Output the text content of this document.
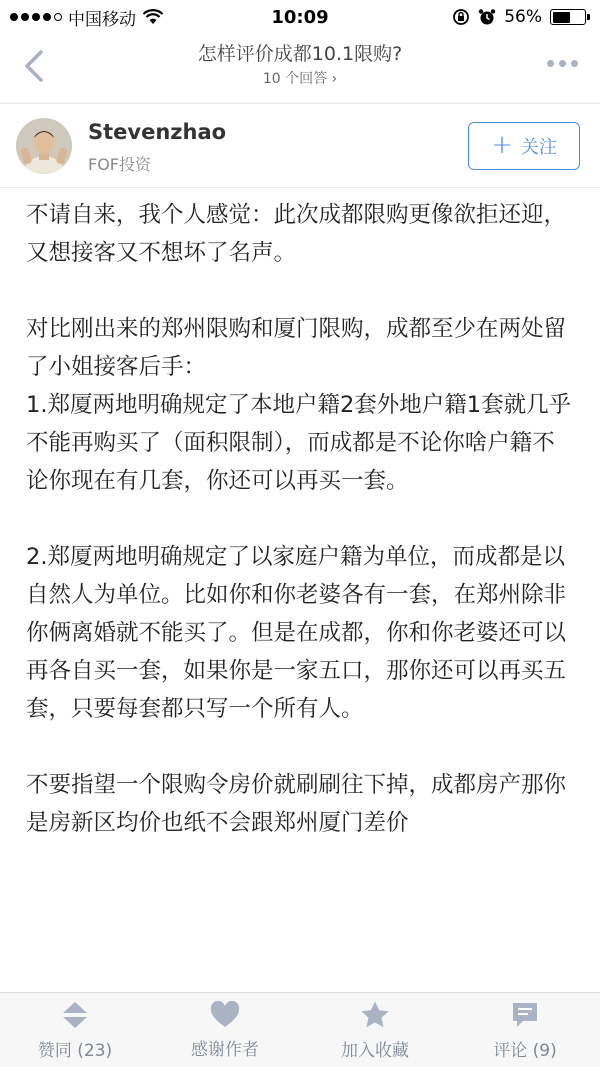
中国移动	10:09	56%
怎样评价成都10.1限购?
10 个回答 ›
Stevenzhao
FOF投资
+ 关注

不请自来，我个人感觉：此次成都限购更像欲拒还迎，又想接客又不想坏了名声。

对比刚出来的郑州限购和厦门限购，成都至少在两处留了小姐接客后手：
1.郑厦两地明确规定了本地户籍2套外地户籍1套就几乎不能再购买了（面积限制），而成都是不论你啥户籍不论你现在有几套，你还可以再买一套。

2.郑厦两地明确规定了以家庭户籍为单位，而成都是以自然人为单位。比如你和你老婆各有一套，在郑州除非你俩离婚就不能买了。但是在成都，你和你老婆还可以再各自买一套，如果你是一家五口，那你还可以再买五套，只要每套都只写一个所有人。

不要指望一个限购令房价就刷刷往下掉，成都房产那你是房新区均价也纸不会跟郑州厦门差价

赞同 (23)	感谢作者	加入收藏	评论 (9)
